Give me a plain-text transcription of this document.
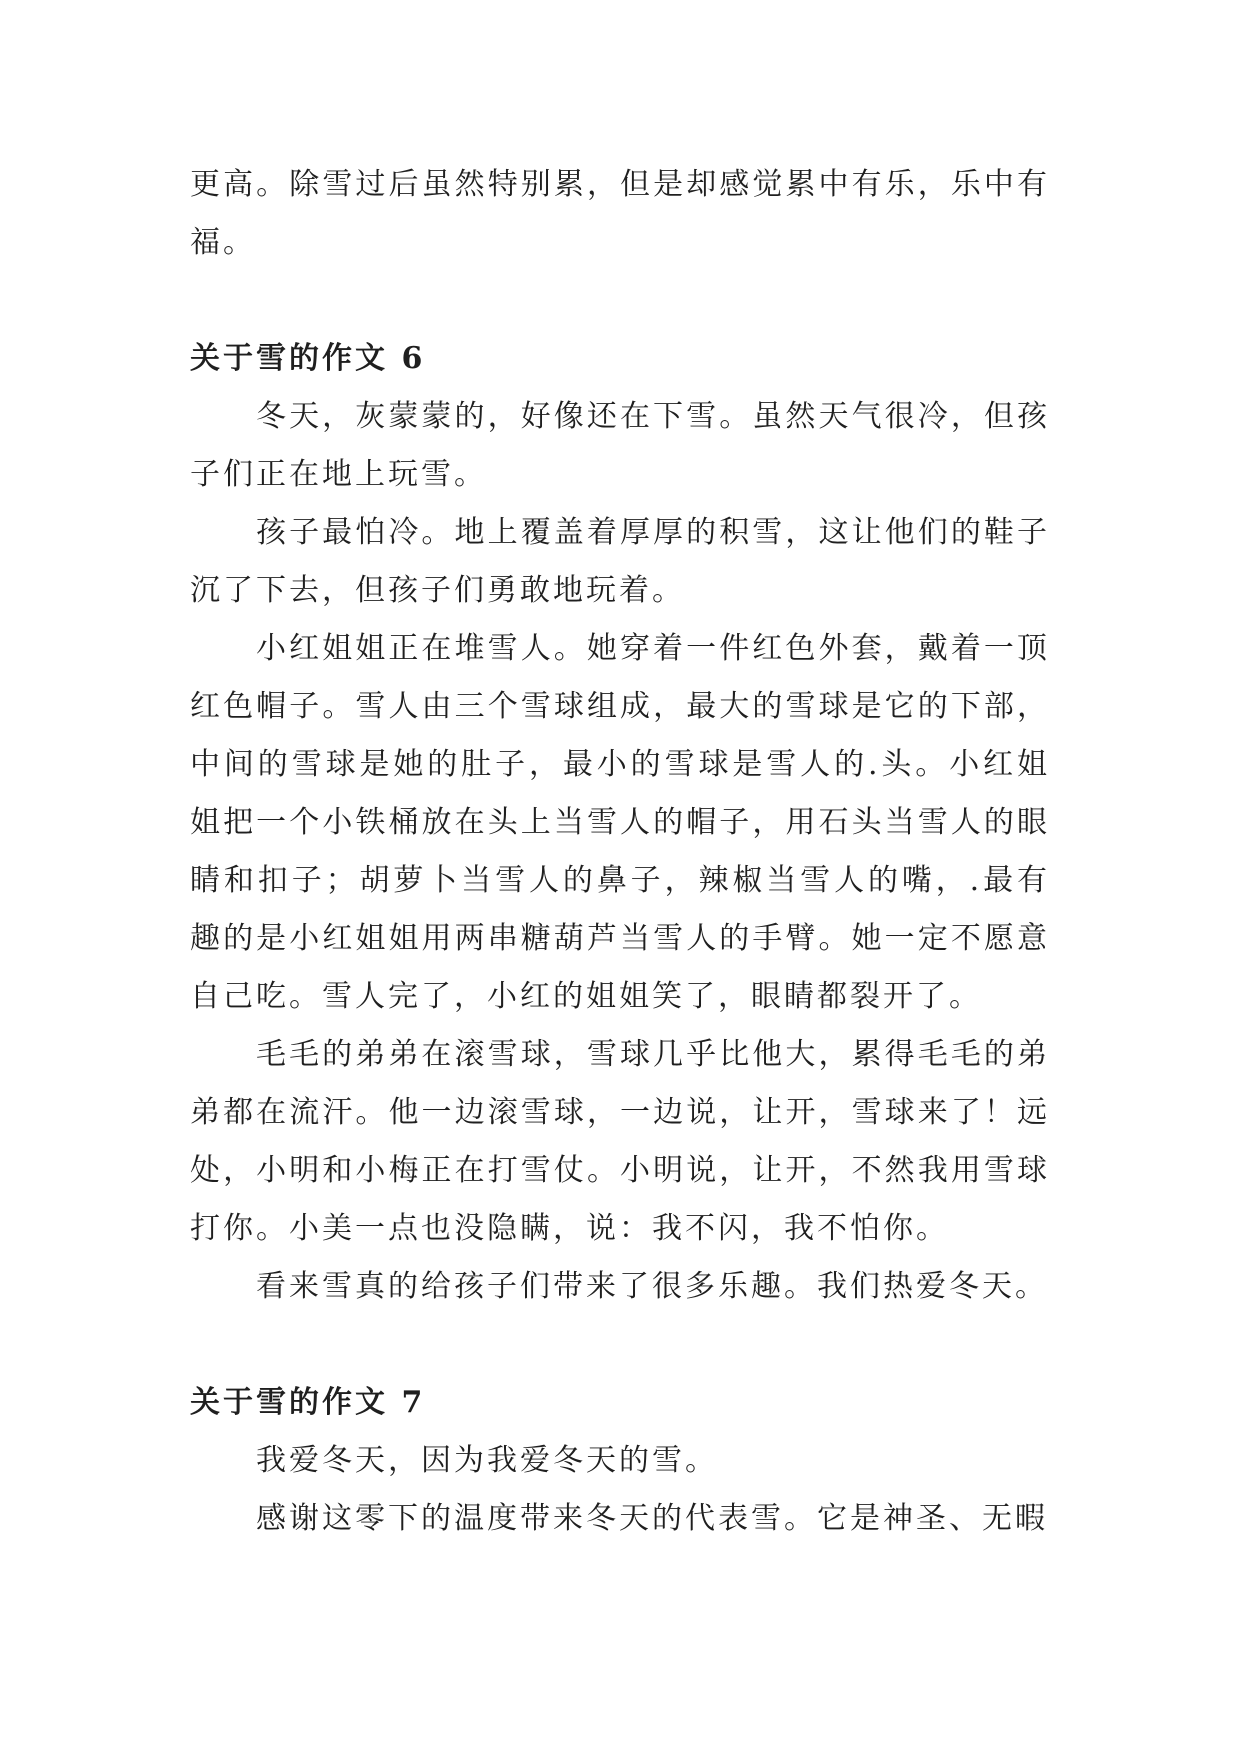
更高。除雪过后虽然特别累，但是却感觉累中有乐，乐中有福。

关于雪的作文 6

冬天，灰蒙蒙的，好像还在下雪。虽然天气很冷，但孩子们正在地上玩雪。

孩子最怕冷。地上覆盖着厚厚的积雪，这让他们的鞋子沉了下去，但孩子们勇敢地玩着。

小红姐姐正在堆雪人。她穿着一件红色外套，戴着一顶红色帽子。雪人由三个雪球组成，最大的雪球是它的下部，中间的雪球是她的肚子，最小的雪球是雪人的.头。小红姐姐把一个小铁桶放在头上当雪人的帽子，用石头当雪人的眼睛和扣子；胡萝卜当雪人的鼻子，辣椒当雪人的嘴，.最有趣的是小红姐姐用两串糖葫芦当雪人的手臂。她一定不愿意自己吃。雪人完了，小红的姐姐笑了，眼睛都裂开了。

毛毛的弟弟在滚雪球，雪球几乎比他大，累得毛毛的弟弟都在流汗。他一边滚雪球，一边说，让开，雪球来了！远处，小明和小梅正在打雪仗。小明说，让开，不然我用雪球打你。小美一点也没隐瞒，说：我不闪，我不怕你。

看来雪真的给孩子们带来了很多乐趣。我们热爱冬天。

关于雪的作文 7

我爱冬天，因为我爱冬天的雪。

感谢这零下的温度带来冬天的代表雪。它是神圣、无暇
